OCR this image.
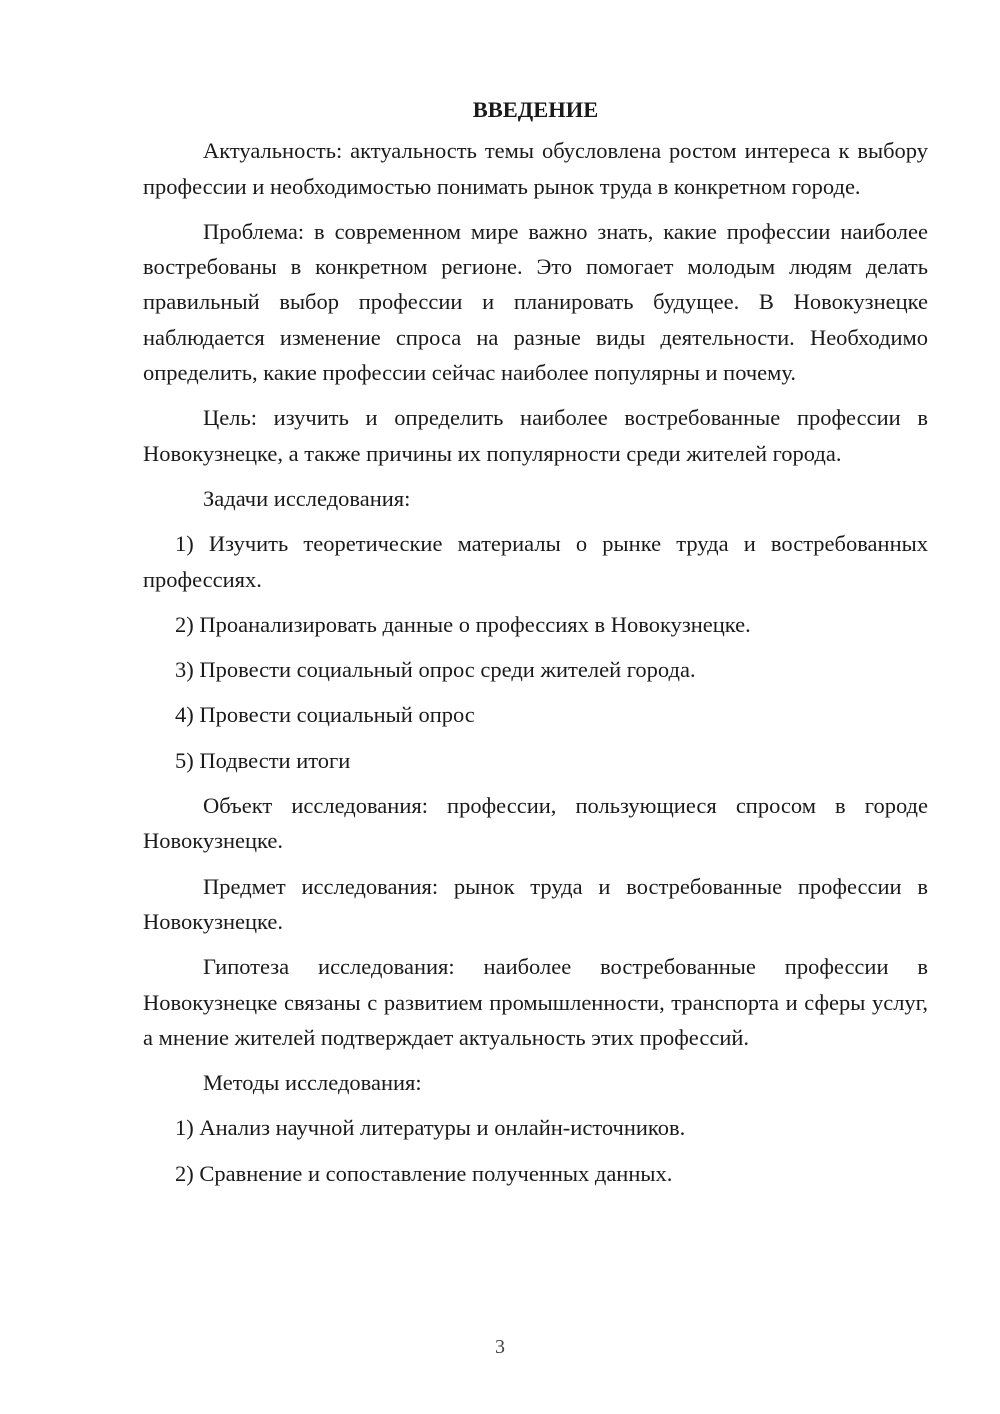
ВВЕДЕНИЕ

Актуальность: актуальность темы обусловлена ростом интереса к выбору профессии и необходимостью понимать рынок труда в конкретном городе.

Проблема: в современном мире важно знать, какие профессии наиболее востребованы в конкретном регионе. Это помогает молодым людям делать правильный выбор профессии и планировать будущее. В Новокузнецке наблюдается изменение спроса на разные виды деятельности. Необходимо определить, какие профессии сейчас наиболее популярны и почему.

Цель: изучить и определить наиболее востребованные профессии в Новокузнецке, а также причины их популярности среди жителей города.

Задачи исследования:

1) Изучить теоретические материалы о рынке труда и востребованных профессиях.

2) Проанализировать данные о профессиях в Новокузнецке.

3) Провести социальный опрос среди жителей города.

4) Провести социальный опрос

5) Подвести итоги

Объект исследования: профессии, пользующиеся спросом в городе Новокузнецке.

Предмет исследования: рынок труда и востребованные профессии в Новокузнецке.

Гипотеза исследования: наиболее востребованные профессии в Новокузнецке связаны с развитием промышленности, транспорта и сферы услуг, а мнение жителей подтверждает актуальность этих профессий.

Методы исследования:

1) Анализ научной литературы и онлайн-источников.

2) Сравнение и сопоставление полученных данных.

3
